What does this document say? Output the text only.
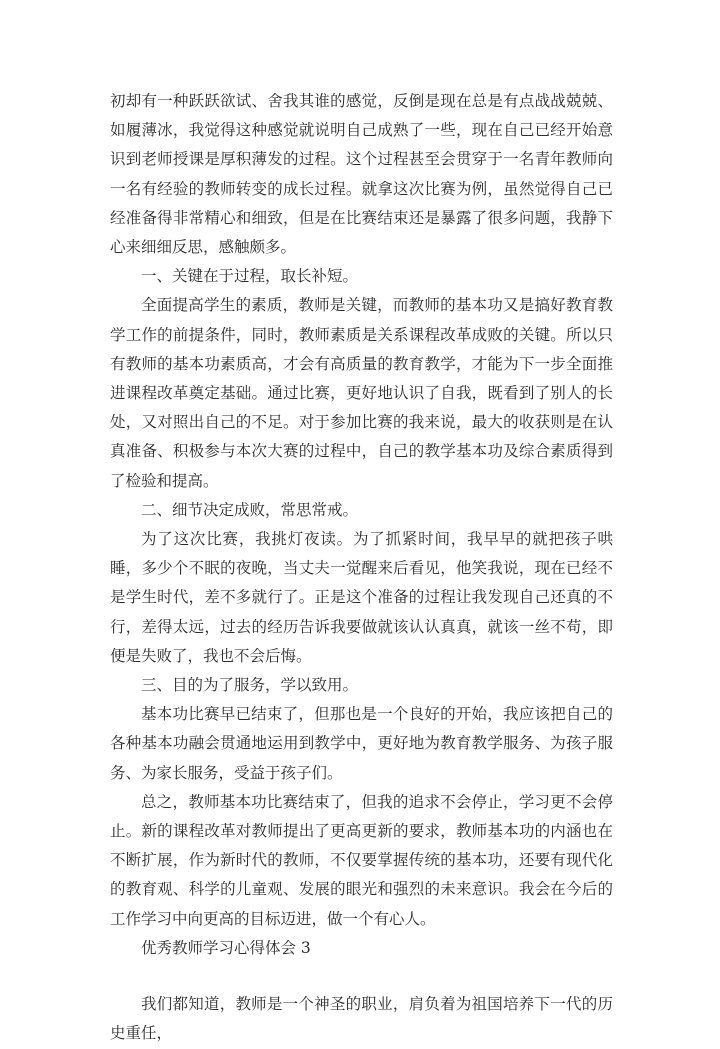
初却有一种跃跃欲试、舍我其谁的感觉，反倒是现在总是有点战战兢兢、如履薄冰，我觉得这种感觉就说明自己成熟了一些，现在自己已经开始意识到老师授课是厚积薄发的过程。这个过程甚至会贯穿于一名青年教师向一名有经验的教师转变的成长过程。就拿这次比赛为例，虽然觉得自己已经准备得非常精心和细致，但是在比赛结束还是暴露了很多问题，我静下心来细细反思，感触颇多。

一、关键在于过程，取长补短。

全面提高学生的素质，教师是关键，而教师的基本功又是搞好教育教学工作的前提条件，同时，教师素质是关系课程改革成败的关键。所以只有教师的基本功素质高，才会有高质量的教育教学，才能为下一步全面推进课程改革奠定基础。通过比赛，更好地认识了自我，既看到了别人的长处，又对照出自己的不足。对于参加比赛的我来说，最大的收获则是在认真准备、积极参与本次大赛的过程中，自己的教学基本功及综合素质得到了检验和提高。

二、细节决定成败，常思常戒。

为了这次比赛，我挑灯夜读。为了抓紧时间，我早早的就把孩子哄睡，多少个不眠的夜晚，当丈夫一觉醒来后看见，他笑我说，现在已经不是学生时代，差不多就行了。正是这个准备的过程让我发现自己还真的不行，差得太远，过去的经历告诉我要做就该认认真真，就该一丝不苟，即便是失败了，我也不会后悔。

三、目的为了服务，学以致用。

基本功比赛早已结束了，但那也是一个良好的开始，我应该把自己的各种基本功融会贯通地运用到教学中，更好地为教育教学服务、为孩子服务、为家长服务，受益于孩子们。

总之，教师基本功比赛结束了，但我的追求不会停止，学习更不会停止。新的课程改革对教师提出了更高更新的要求，教师基本功的内涵也在不断扩展，作为新时代的教师，不仅要掌握传统的基本功，还要有现代化的教育观、科学的儿童观、发展的眼光和强烈的未来意识。我会在今后的工作学习中向更高的目标迈进，做一个有心人。

优秀教师学习心得体会 3

我们都知道，教师是一个神圣的职业，肩负着为祖国培养下一代的历史重任，
